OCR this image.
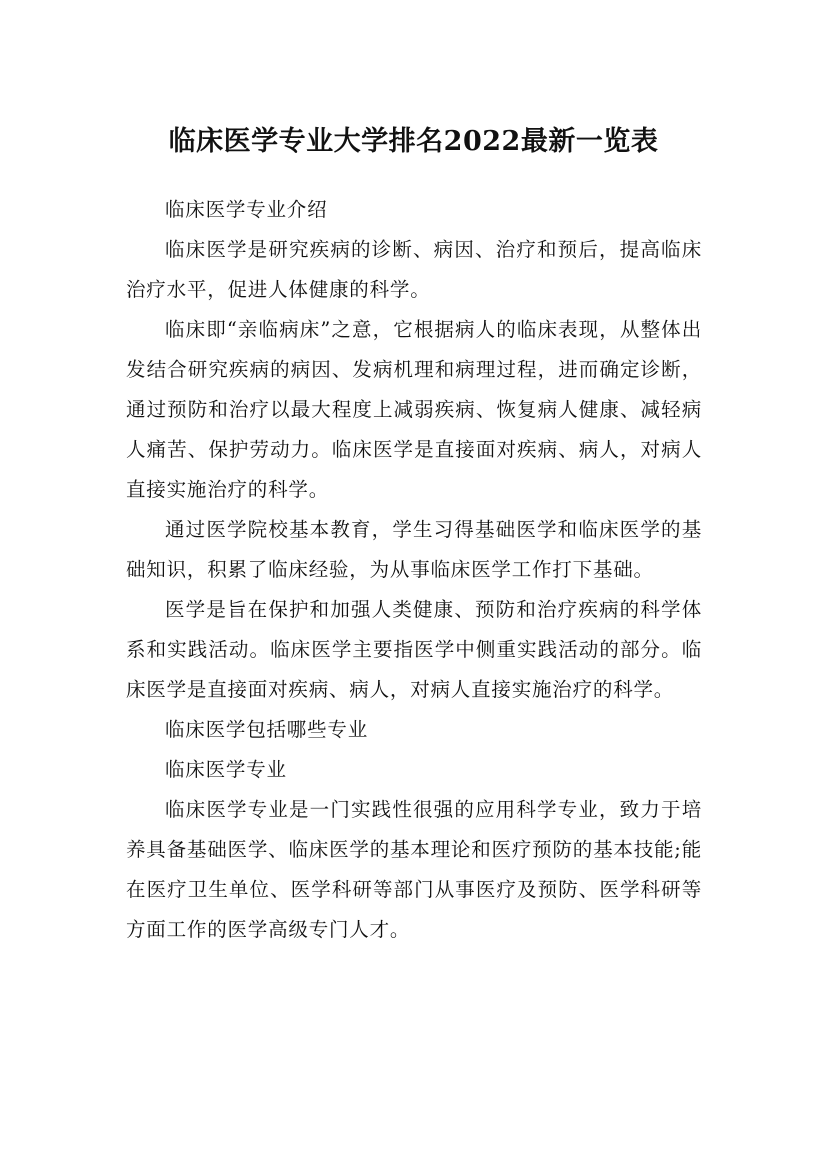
临床医学专业大学排名2022最新一览表

临床医学专业介绍

临床医学是研究疾病的诊断、病因、治疗和预后，提高临床治疗水平，促进人体健康的科学。

临床即“亲临病床”之意，它根据病人的临床表现，从整体出发结合研究疾病的病因、发病机理和病理过程，进而确定诊断，通过预防和治疗以最大程度上减弱疾病、恢复病人健康、减轻病人痛苦、保护劳动力。临床医学是直接面对疾病、病人，对病人直接实施治疗的科学。

通过医学院校基本教育，学生习得基础医学和临床医学的基础知识，积累了临床经验，为从事临床医学工作打下基础。

医学是旨在保护和加强人类健康、预防和治疗疾病的科学体系和实践活动。临床医学主要指医学中侧重实践活动的部分。临床医学是直接面对疾病、病人，对病人直接实施治疗的科学。

临床医学包括哪些专业

临床医学专业

临床医学专业是一门实践性很强的应用科学专业，致力于培养具备基础医学、临床医学的基本理论和医疗预防的基本技能;能在医疗卫生单位、医学科研等部门从事医疗及预防、医学科研等方面工作的医学高级专门人才。
